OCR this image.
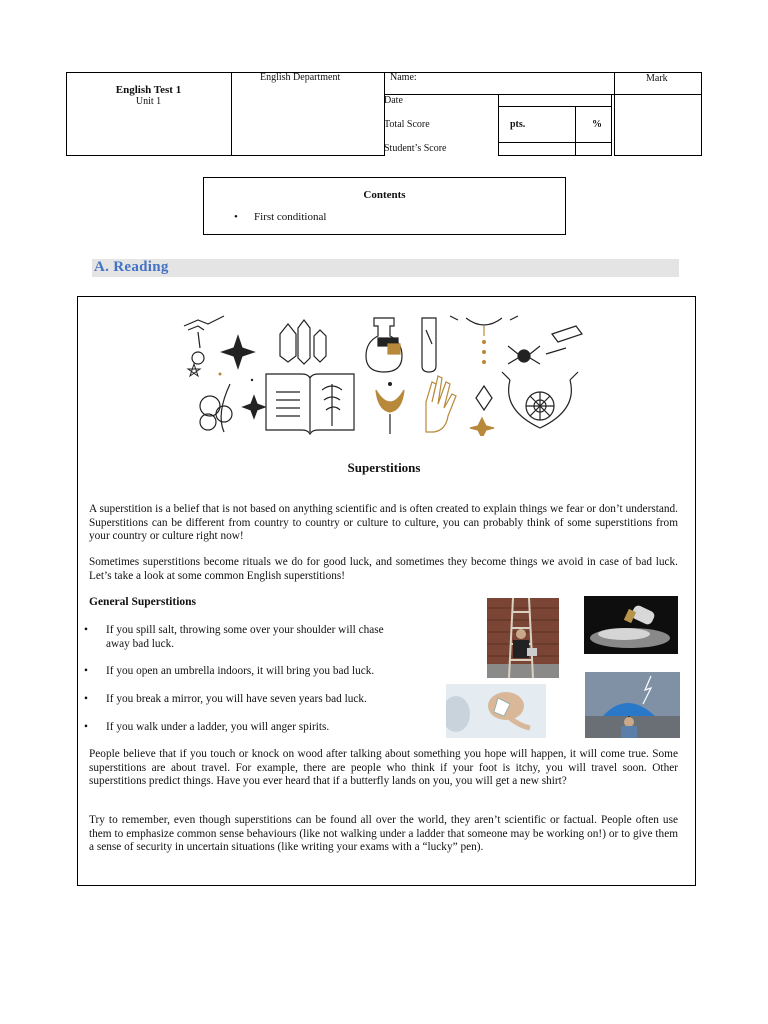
English Test 1
Unit 1
English Department	Name:	Mark
Date
Total Score	pts.	%
Student’s Score
Contents
• First conditional
A. Reading
Superstitions
A superstition is a belief that is not based on anything scientific and is often created to explain things we fear or don’t understand. Superstitions can be different from country to country or culture to culture, you can probably think of some superstitions from your country or culture right now!
Sometimes superstitions become rituals we do for good luck, and sometimes they become things we avoid in case of bad luck. Let’s take a look at some common English superstitions!
General Superstitions
• If you spill salt, throwing some over your shoulder will chase
away bad luck.
• If you open an umbrella indoors, it will bring you bad luck.
• If you break a mirror, you will have seven years bad luck.
• If you walk under a ladder, you will anger spirits.
People believe that if you touch or knock on wood after talking about something you hope will happen, it will come true. Some superstitions are about travel. For example, there are people who think if your foot is itchy, you will travel soon. Other superstitions predict things. Have you ever heard that if a butterfly lands on you, you will get a new shirt?
Try to remember, even though superstitions can be found all over the world, they aren’t scientific or factual. People often use them to emphasize common sense behaviours (like not walking under a ladder that someone may be working on!) or to give them a sense of security in uncertain situations (like writing your exams with a “lucky” pen).
